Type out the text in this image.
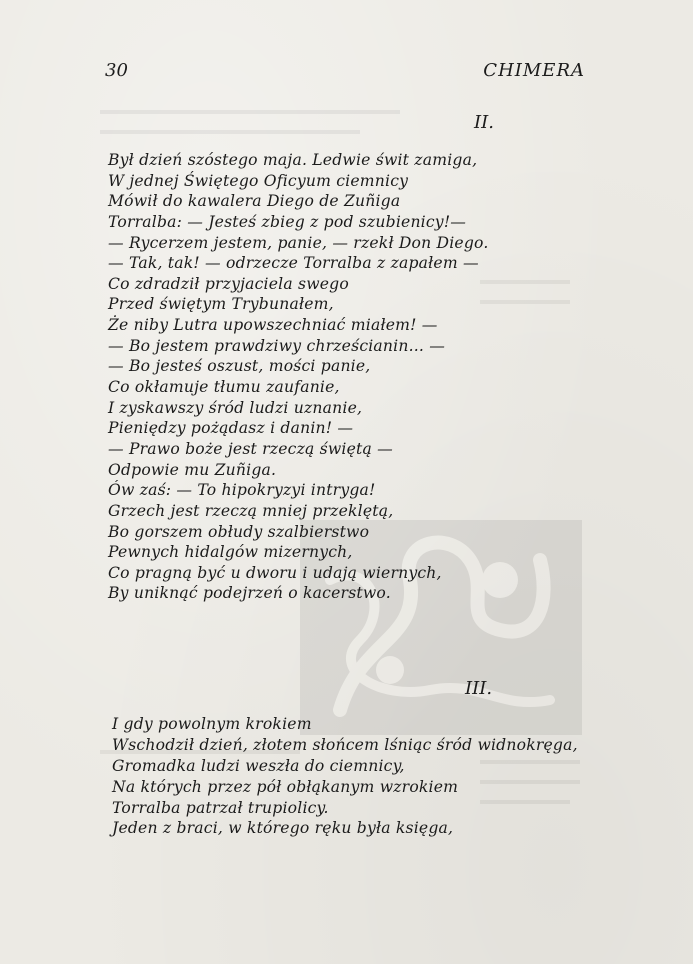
30	CHIMERA
II.
Był dzień szóstego maja. Ledwie świt zamiga,
W jednej Świętego Oficyum ciemnicy
Mówił do kawalera Diego de Zuñiga
Torralba: — Jesteś zbieg z pod szubienicy!—
— Rycerzem jestem, panie, — rzekł Don Diego.
— Tak, tak! — odrzecze Torralba z zapałem —
Co zdradził przyjaciela swego
Przed świętym Trybunałem,
Że niby Lutra upowszechniać miałem! —
— Bo jestem prawdziwy chrześcianin... —
— Bo jesteś oszust, mości panie,
Co okłamuje tłumu zaufanie,
I zyskawszy śród ludzi uznanie,
Pieniędzy pożądasz i danin! —
— Prawo boże jest rzeczą świętą —
Odpowie mu Zuñiga.
Ów zaś: — To hipokryzyi intryga!
Grzech jest rzeczą mniej przeklętą,
Bo gorszem obłudy szalbierstwo
Pewnych hidalgów mizernych,
Co pragną być u dworu i udają wiernych,
By uniknąć podejrzeń o kacerstwo.
III.
I gdy powolnym krokiem
Wschodził dzień, złotem słońcem lśniąc śród widnokręga,
Gromadka ludzi weszła do ciemnicy,
Na których przez pół obłąkanym wzrokiem
Torralba patrzał trupiolicy.
Jeden z braci, w którego ręku była księga,
